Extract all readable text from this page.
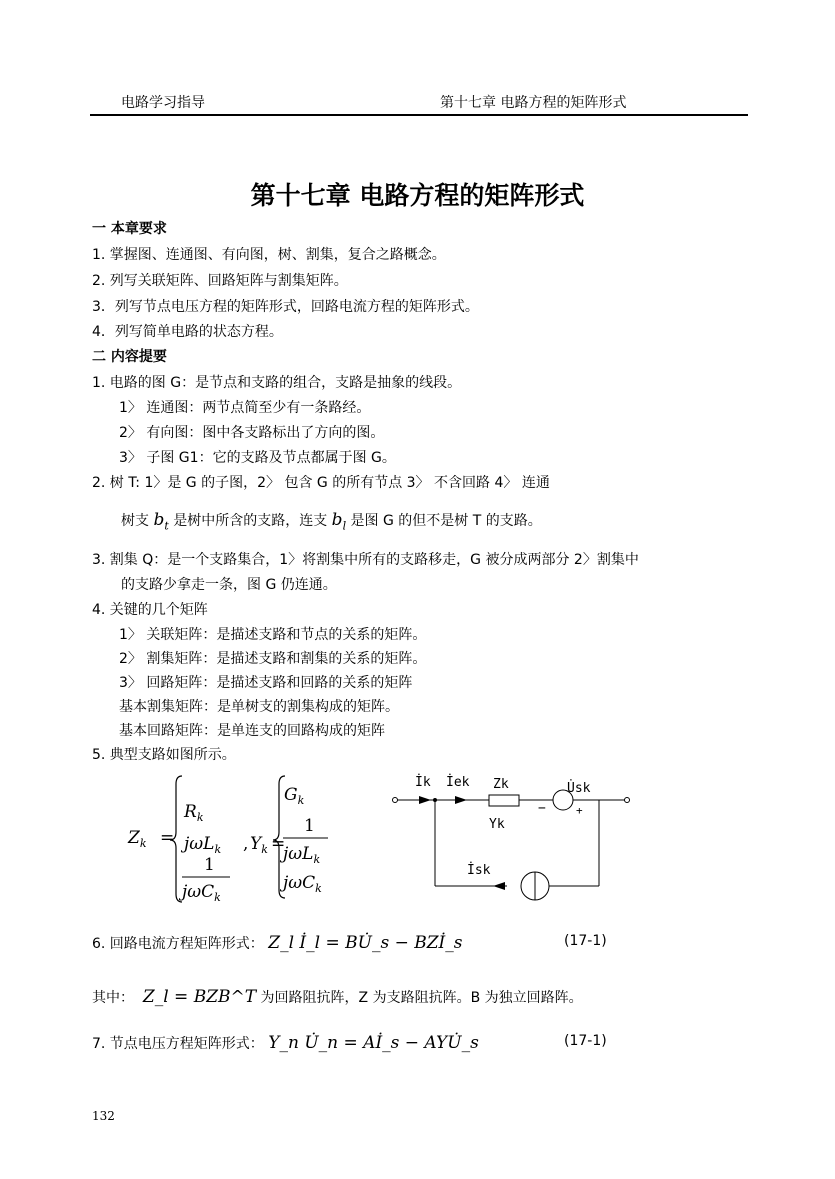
电路学习指导	第十七章 电路方程的矩阵形式
第十七章 电路方程的矩阵形式
一 本章要求
1. 掌握图、连通图、有向图，树、割集，复合之路概念。
2. 列写关联矩阵、回路矩阵与割集矩阵。
3．列写节点电压方程的矩阵形式，回路电流方程的矩阵形式。
4．列写简单电路的状态方程。
二 内容提要
1. 电路的图 G：是节点和支路的组合，支路是抽象的线段。
1〉 连通图：两节点简至少有一条路经。
2〉 有向图：图中各支路标出了方向的图。
3〉 子图 G1：它的支路及节点都属于图 G。
2. 树 T: 1〉是 G 的子图，2〉 包含 G 的所有节点 3〉 不含回路 4〉 连通
树支 $b_t$ 是树中所含的支路，连支 $b_l$ 是图 G 的但不是树 T 的支路。
3. 割集 Q：是一个支路集合，1〉将割集中所有的支路移走，G 被分成两部分 2〉割集中
的支路少拿走一条，图 G 仍连通。
4. 关键的几个矩阵
1〉 关联矩阵：是描述支路和节点的关系的矩阵。
2〉 割集矩阵：是描述支路和割集的关系的矩阵。
3〉 回路矩阵：是描述支路和回路的关系的矩阵
基本割集矩阵：是单树支的割集构成的矩阵。
基本回路矩阵：是单连支的回路构成的矩阵
5. 典型支路如图所示。
$Z_k$ =
$R_k$
jωL$_k$ ,
1
jωC$_k$
$Y_k$ =
$G_k$
1
jωL$_k$
jωC$_k$
İk İek Zk
Yk
U̇sk
−	+
İsk
6. 回路电流方程矩阵形式： Z_l İ_l = BU̇_s − BZİ_s	(17-1)
其中： Z_l = BZB^T 为回路阻抗阵，Z 为支路阻抗阵。B 为独立回路阵。
7. 节点电压方程矩阵形式： Y_n U̇_n = Aİ_s − AYU̇_s	(17-1)
132
